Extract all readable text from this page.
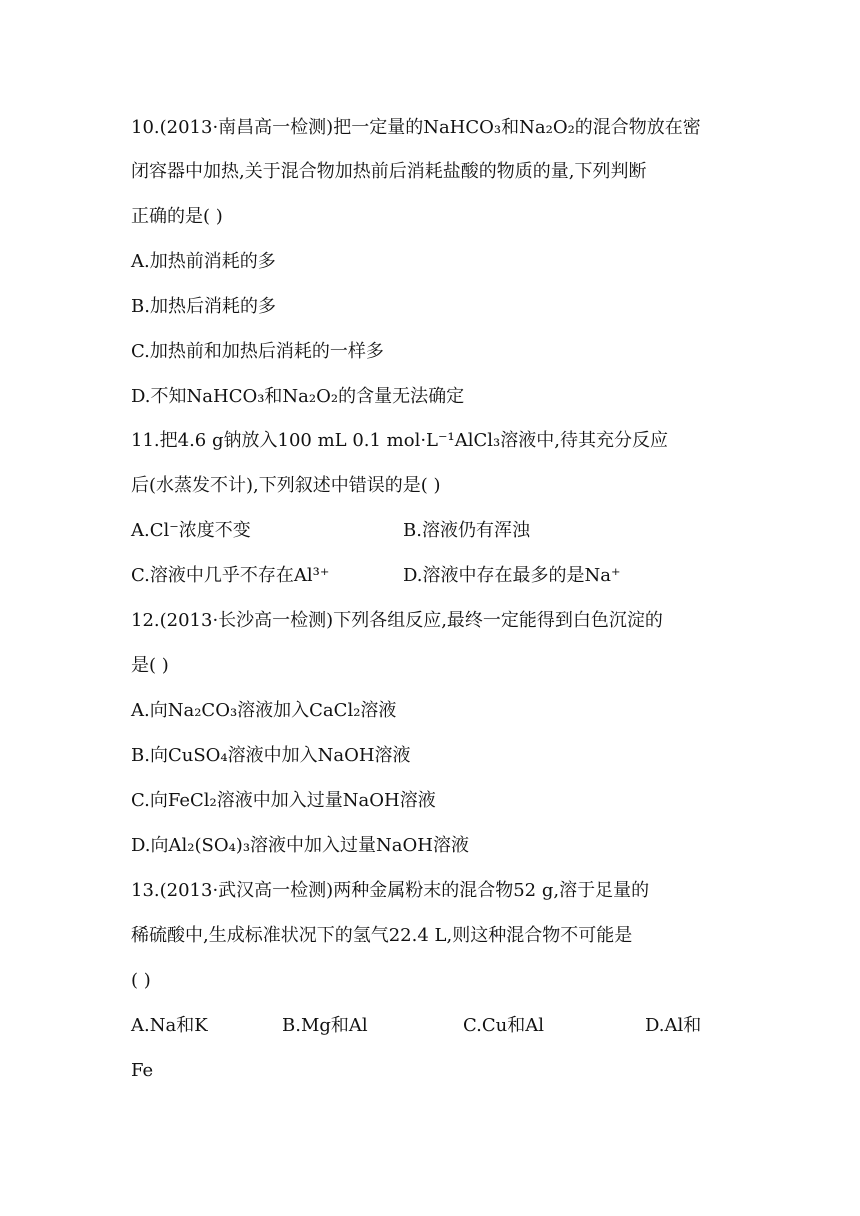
10.(2013·南昌高一检测)把一定量的NaHCO₃和Na₂O₂的混合物放在密
闭容器中加热,关于混合物加热前后消耗盐酸的物质的量,下列判断
正确的是( )
A.加热前消耗的多
B.加热后消耗的多
C.加热前和加热后消耗的一样多
D.不知NaHCO₃和Na₂O₂的含量无法确定
11.把4.6 g钠放入100 mL 0.1 mol·L⁻¹AlCl₃溶液中,待其充分反应
后(水蒸发不计),下列叙述中错误的是( )
A.Cl⁻浓度不变	B.溶液仍有浑浊
C.溶液中几乎不存在Al³⁺	D.溶液中存在最多的是Na⁺
12.(2013·长沙高一检测)下列各组反应,最终一定能得到白色沉淀的
是( )
A.向Na₂CO₃溶液加入CaCl₂溶液
B.向CuSO₄溶液中加入NaOH溶液
C.向FeCl₂溶液中加入过量NaOH溶液
D.向Al₂(SO₄)₃溶液中加入过量NaOH溶液
13.(2013·武汉高一检测)两种金属粉末的混合物52 g,溶于足量的
稀硫酸中,生成标准状况下的氢气22.4 L,则这种混合物不可能是
( )
A.Na和K	B.Mg和Al	C.Cu和Al	D.Al和
Fe
